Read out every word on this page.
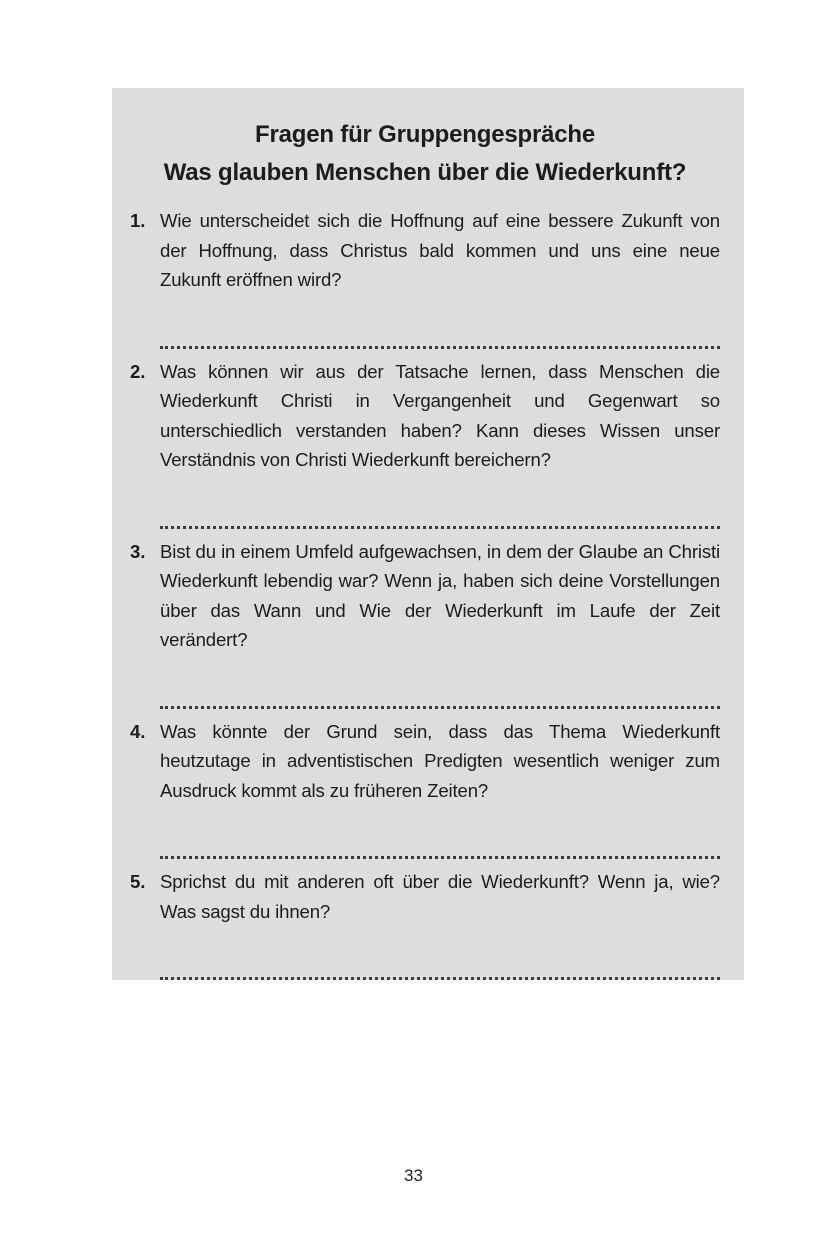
Fragen für Gruppengespräche
Was glauben Menschen über die Wiederkunft?
1. Wie unterscheidet sich die Hoffnung auf eine bessere Zukunft von der Hoffnung, dass Christus bald kommen und uns eine neue Zukunft eröffnen wird?
2. Was können wir aus der Tatsache lernen, dass Menschen die Wiederkunft Christi in Vergangenheit und Gegenwart so unterschiedlich verstanden haben? Kann dieses Wissen unser Verständnis von Christi Wiederkunft bereichern?
3. Bist du in einem Umfeld aufgewachsen, in dem der Glaube an Christi Wiederkunft lebendig war? Wenn ja, haben sich deine Vorstellungen über das Wann und Wie der Wiederkunft im Laufe der Zeit verändert?
4. Was könnte der Grund sein, dass das Thema Wiederkunft heutzutage in adventistischen Predigten wesentlich weniger zum Ausdruck kommt als zu früheren Zeiten?
5. Sprichst du mit anderen oft über die Wiederkunft? Wenn ja, wie? Was sagst du ihnen?
33
